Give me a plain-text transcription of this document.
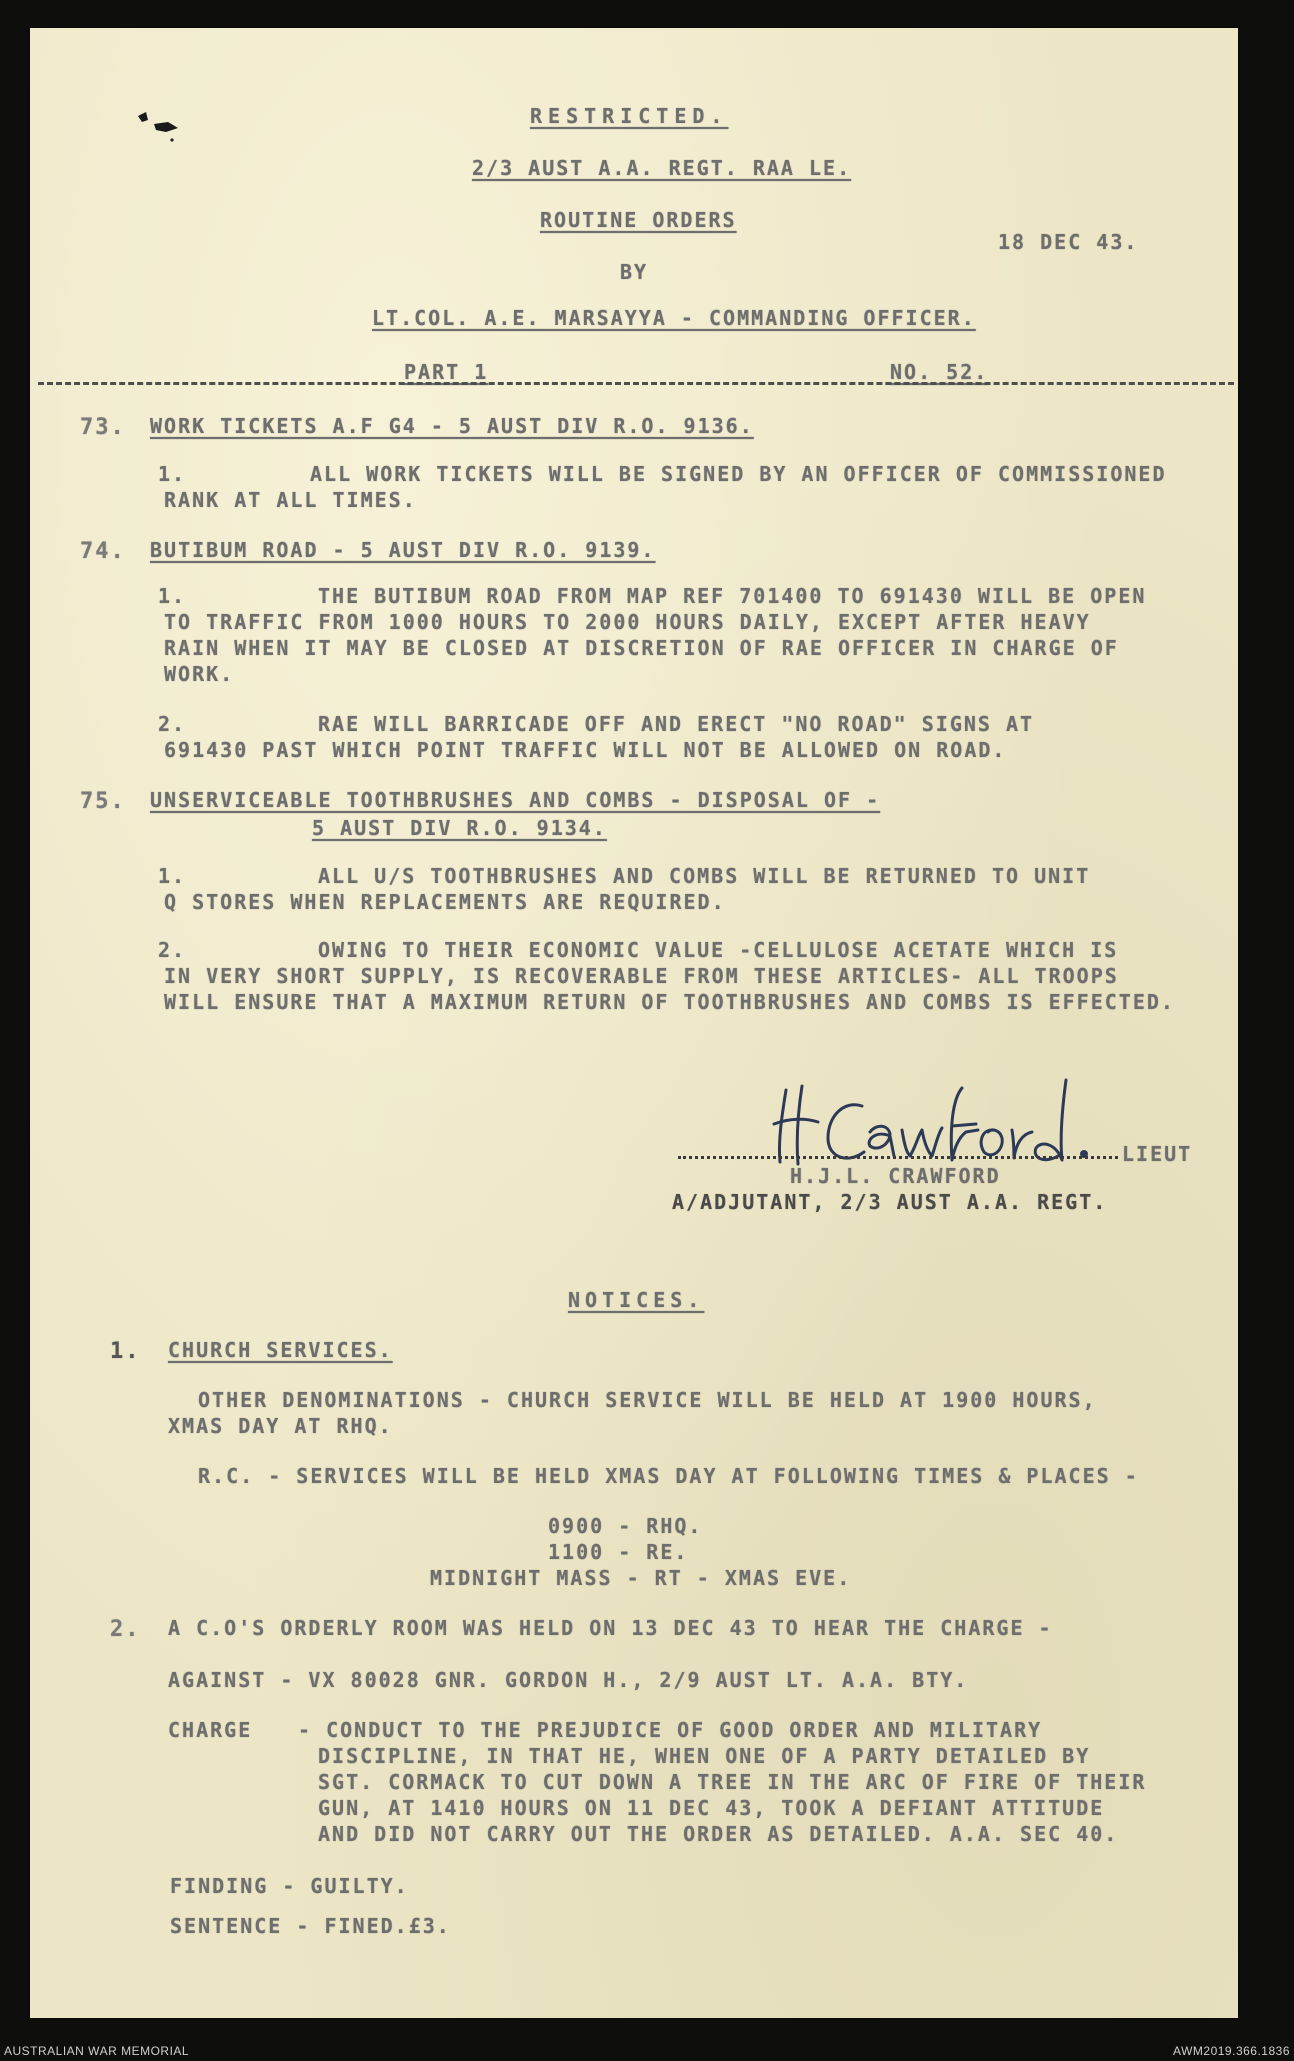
RESTRICTED.
2/3 AUST A.A. REGT. RAA LE.
ROUTINE ORDERS
18 DEC 43.
BY
LT.COL. A.E. MARSAYYA - COMMANDING OFFICER.
PART 1	NO. 52.
73. WORK TICKETS A.F G4 - 5 AUST DIV R.O. 9136.
1.	ALL WORK TICKETS WILL BE SIGNED BY AN OFFICER OF COMMISSIONED
RANK AT ALL TIMES.
74. BUTIBUM ROAD - 5 AUST DIV R.O. 9139.
1.	THE BUTIBUM ROAD FROM MAP REF 701400 TO 691430 WILL BE OPEN
TO TRAFFIC FROM 1000 HOURS TO 2000 HOURS DAILY, EXCEPT AFTER HEAVY
RAIN WHEN IT MAY BE CLOSED AT DISCRETION OF RAE OFFICER IN CHARGE OF
WORK.
2.	RAE WILL BARRICADE OFF AND ERECT "NO ROAD" SIGNS AT
691430 PAST WHICH POINT TRAFFIC WILL NOT BE ALLOWED ON ROAD.
75. UNSERVICEABLE TOOTHBRUSHES AND COMBS - DISPOSAL OF -
5 AUST DIV R.O. 9134.
1.	ALL U/S TOOTHBRUSHES AND COMBS WILL BE RETURNED TO UNIT
Q STORES WHEN REPLACEMENTS ARE REQUIRED.
2.	OWING TO THEIR ECONOMIC VALUE -CELLULOSE ACETATE WHICH IS
IN VERY SHORT SUPPLY, IS RECOVERABLE FROM THESE ARTICLES- ALL TROOPS
WILL ENSURE THAT A MAXIMUM RETURN OF TOOTHBRUSHES AND COMBS IS EFFECTED.
LIEUT
H.J.L. CRAWFORD
A/ADJUTANT, 2/3 AUST A.A. REGT.
NOTICES.
1. CHURCH SERVICES.
OTHER DENOMINATIONS - CHURCH SERVICE WILL BE HELD AT 1900 HOURS,
XMAS DAY AT RHQ.
R.C. - SERVICES WILL BE HELD XMAS DAY AT FOLLOWING TIMES & PLACES -
0900 - RHQ.
1100 - RE.
MIDNIGHT MASS - RT - XMAS EVE.
2. A C.O'S ORDERLY ROOM WAS HELD ON 13 DEC 43 TO HEAR THE CHARGE -
AGAINST - VX 80028 GNR. GORDON H., 2/9 AUST LT. A.A. BTY.
CHARGE - CONDUCT TO THE PREJUDICE OF GOOD ORDER AND MILITARY
DISCIPLINE, IN THAT HE, WHEN ONE OF A PARTY DETAILED BY
SGT. CORMACK TO CUT DOWN A TREE IN THE ARC OF FIRE OF THEIR
GUN, AT 1410 HOURS ON 11 DEC 43, TOOK A DEFIANT ATTITUDE
AND DID NOT CARRY OUT THE ORDER AS DETAILED. A.A. SEC 40.
FINDING - GUILTY.
SENTENCE - FINED.£3.
AUSTRALIAN WAR MEMORIAL	AWM2019.366.1836
